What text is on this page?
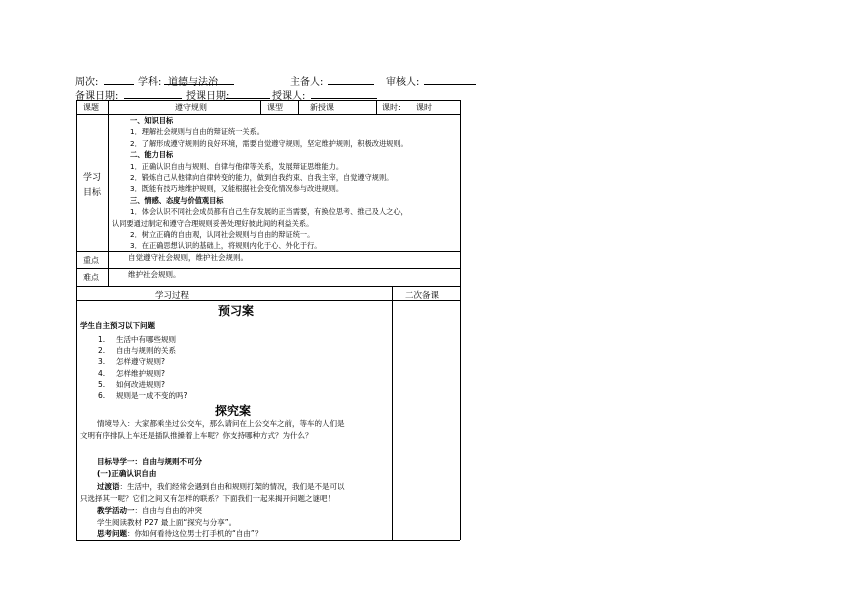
周次:	学科: 道德与法治	主备人:	审核人:
备课日期:	授课日期:	授课人:
课题	遵守规则	课型	新授课	课时: 课时
学习
目标
一、知识目标
1．理解社会规则与自由的辩证统一关系。
2．了解形成遵守规则的良好环境，需要自觉遵守规则，坚定维护规则，积极改进规则。
二、能力目标
1．正确认识自由与规则、自律与他律等关系，发展辩证思维能力。
2．锻炼自己从他律向自律转变的能力，做到自我约束、自我主宰，自觉遵守规则。
3．既能有技巧地维护规则，又能根据社会变化情况参与改进规则。
三、情感、态度与价值观目标
1．体会认识不同社会成员都有自己生存发展的正当需要，有换位思考、推己及人之心，
认同要通过制定和遵守合理规则妥善处理好彼此间的利益关系。
2．树立正确的自由观，认同社会规则与自由的辩证统一。
3．在正确思想认识的基础上，将规则内化于心、外化于行。
重点	自觉遵守社会规则，维护社会规则。
难点	维护社会规则。
学习过程	二次备课
预习案
学生自主预习以下问题
1. 生活中有哪些规则
2. 自由与规则的关系
3. 怎样遵守规则?
4. 怎样维护规则?
5. 如何改进规则?
6. 规则是一成不变的吗?
探究案
情境导入：大家都乘坐过公交车，那么请问在上公交车之前，等车的人们是
文明有序排队上车还是插队推搡着上车呢？你支持哪种方式？为什么？
目标导学一：自由与规则不可分
(一)正确认识自由
过渡语：生活中，我们经常会遇到自由和规则打架的情况，我们是不是可以
只选择其一呢？它们之间又有怎样的联系？下面我们一起来揭开问题之谜吧！
教学活动一：自由与自由的冲突
学生阅读教材 P27 最上面“探究与分享”。
思考问题：你如何看待这位男士打手机的“自由”？
